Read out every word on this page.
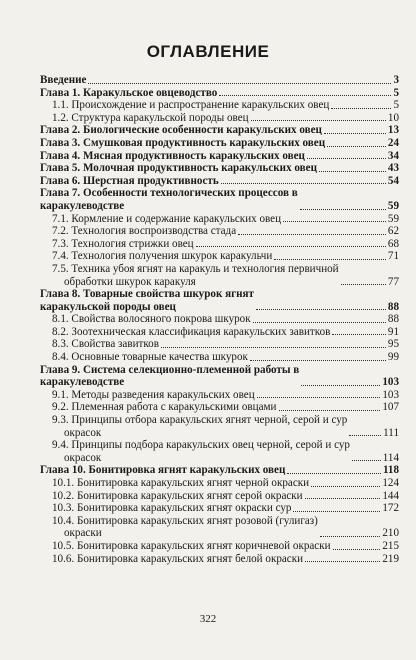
ОГЛАВЛЕНИЕ
Введение	3
Глава 1. Каракульское овцеводство	5
1.1. Происхождение и распространение каракульских овец	5
1.2. Структура каракульской породы овец	10
Глава 2. Биологические особенности каракульских овец	13
Глава 3. Смушковая продуктивность каракульских овец	24
Глава 4. Мясная продуктивность каракульских овец	34
Глава 5. Молочная продуктивность каракульских овец	43
Глава 6. Шерстная продуктивность	54
Глава 7. Особенности технологических процессов в
каракулеводстве	59
7.1. Кормление и содержание каракульских овец	59
7.2. Технология воспроизводства стада	62
7.3. Технология стрижки овец	68
7.4. Технология получения шкурок каракульчи	71
7.5. Техника убоя ягнят на каракуль и технология первичной
обработки шкурок каракуля	77
Глава 8. Товарные свойства шкурок ягнят
каракульской породы овец	88
8.1. Свойства волосяного покрова шкурок	88
8.2. Зоотехническая классификация каракульских завитков	91
8.3. Свойства завитков	95
8.4. Основные товарные качества шкурок	99
Глава 9. Система селекционно-племенной работы в
каракулеводстве	103
9.1. Методы разведения каракульских овец	103
9.2. Племенная работа с каракульскими овцами	107
9.3. Принципы отбора каракульских ягнят черной, серой и сур
окрасок	111
9.4. Принципы подбора каракульских овец черной, серой и сур
окрасок	114
Глава 10. Бонитировка ягнят каракульских овец	118
10.1. Бонитировка каракульских ягнят черной окраски	124
10.2. Бонитировка каракульских ягнят серой окраски	144
10.3. Бонитировка каракульских ягнят окраски сур	172
10.4. Бонитировка каракульских ягнят розовой (гулигаз)
окраски	210
10.5. Бонитировка каракульских ягнят коричневой окраски	215
10.6. Бонитировка каракульских ягнят белой окраски	219
322
